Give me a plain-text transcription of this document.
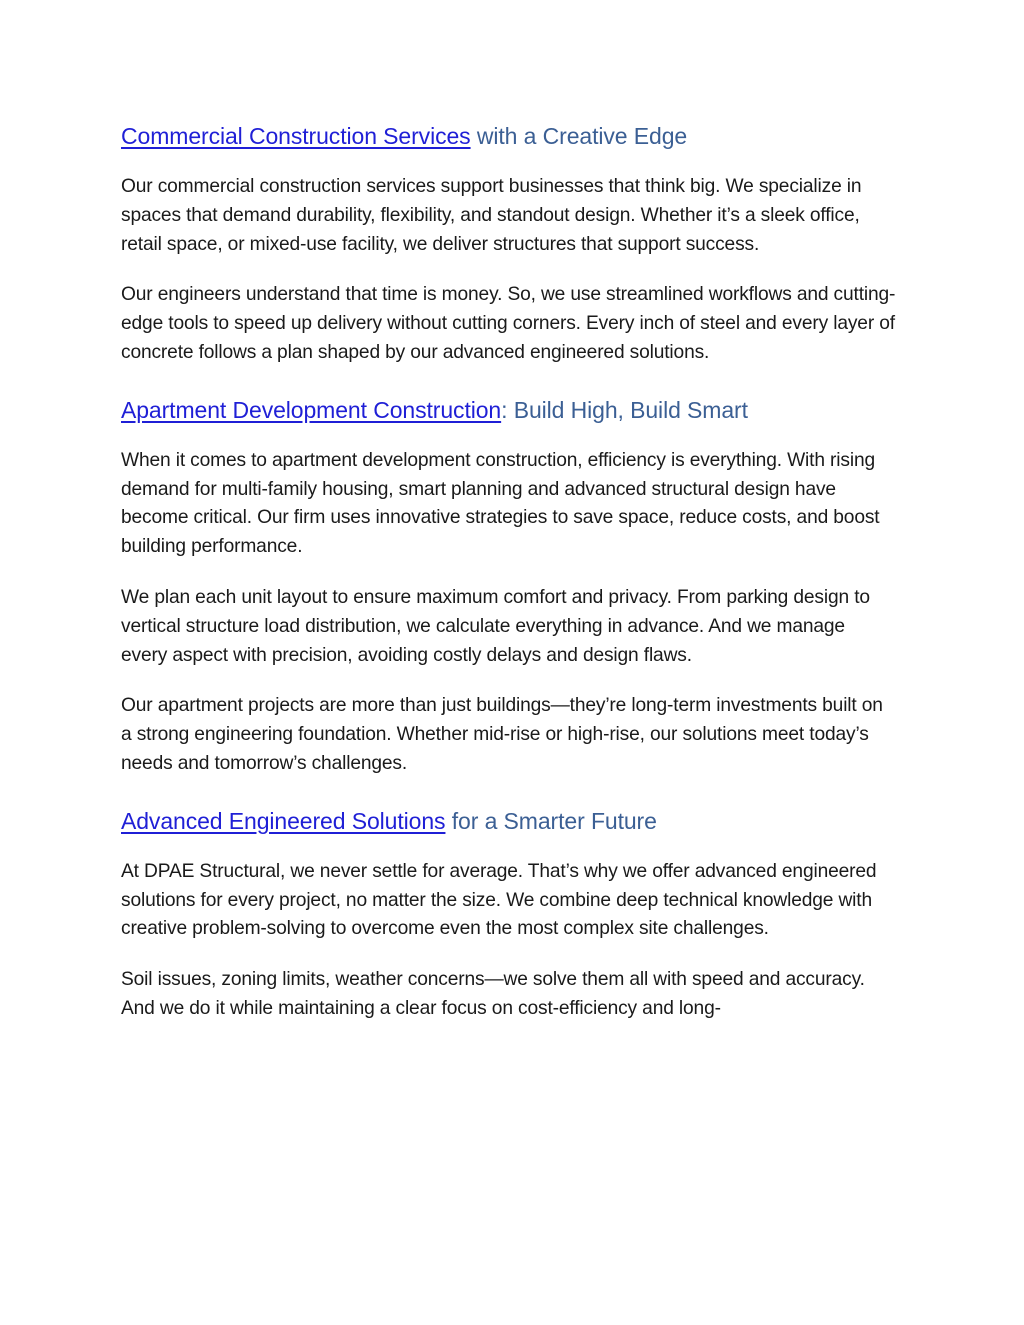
Commercial Construction Services with a Creative Edge

Our commercial construction services support businesses that think big. We specialize in spaces that demand durability, flexibility, and standout design. Whether it’s a sleek office, retail space, or mixed-use facility, we deliver structures that support success.

Our engineers understand that time is money. So, we use streamlined workflows and cutting-edge tools to speed up delivery without cutting corners. Every inch of steel and every layer of concrete follows a plan shaped by our advanced engineered solutions.

Apartment Development Construction: Build High, Build Smart

When it comes to apartment development construction, efficiency is everything. With rising demand for multi-family housing, smart planning and advanced structural design have become critical. Our firm uses innovative strategies to save space, reduce costs, and boost building performance.

We plan each unit layout to ensure maximum comfort and privacy. From parking design to vertical structure load distribution, we calculate everything in advance. And we manage every aspect with precision, avoiding costly delays and design flaws.

Our apartment projects are more than just buildings—they’re long-term investments built on a strong engineering foundation. Whether mid-rise or high-rise, our solutions meet today’s needs and tomorrow’s challenges.

Advanced Engineered Solutions for a Smarter Future

At DPAE Structural, we never settle for average. That’s why we offer advanced engineered solutions for every project, no matter the size. We combine deep technical knowledge with creative problem-solving to overcome even the most complex site challenges.

Soil issues, zoning limits, weather concerns—we solve them all with speed and accuracy. And we do it while maintaining a clear focus on cost-efficiency and long-
